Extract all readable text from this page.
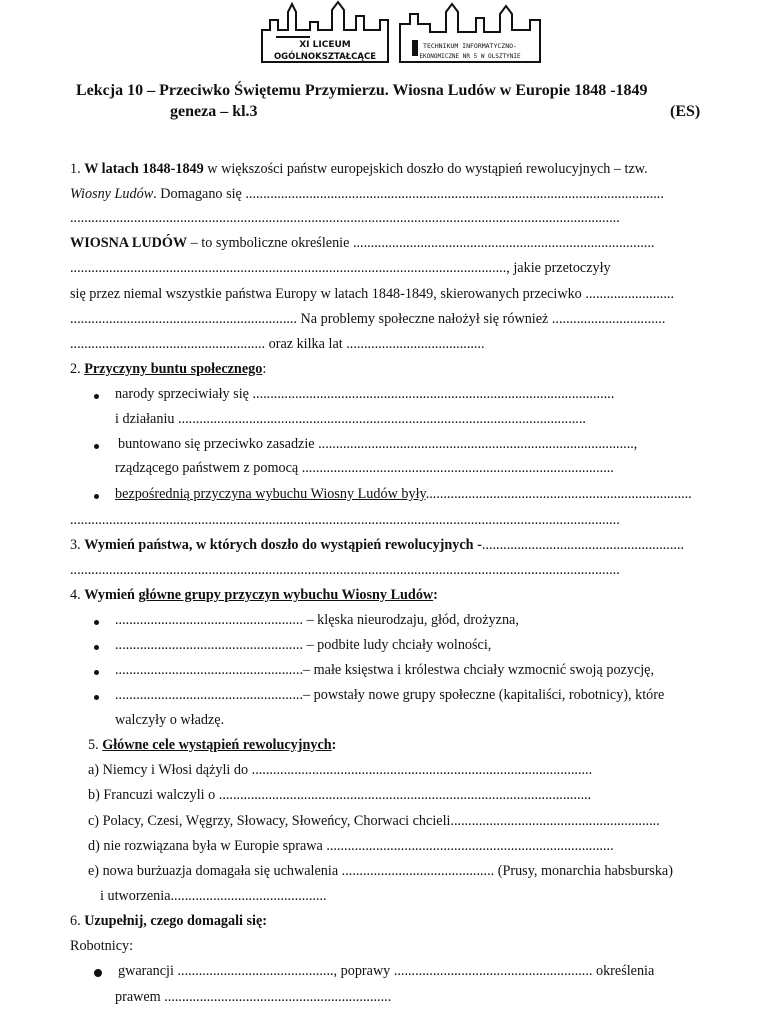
XI LICEUM
OGÓLNOKSZTAŁCĄCE
TECHNIKUM INFORMATYCZNO-
EKONOMICZNE NR 5 W OLSZTYNIE
Lekcja 10 – Przeciwko Świętemu Przymierzu. Wiosna Ludów w Europie 1848 -1849
geneza – kl.3	(ES)
1. W latach 1848-1849 w większości państw europejskich doszło do wystąpień rewolucyjnych – tzw.
Wiosny Ludów. Domagano się ......................................................................................................................
...........................................................................................................................................................
WIOSNA LUDÓW – to symboliczne określenie .....................................................................................
..........................................................................................................................., jakie przetoczyły
się przez niemal wszystkie państwa Europy w latach 1848-1849, skierowanych przeciwko .........................
................................................................ Na problemy społeczne nałożył się również ................................
....................................................... oraz kilka lat .......................................
2. Przyczyny buntu społecznego:
narody sprzeciwiały się ......................................................................................................
i działaniu ...................................................................................................................
buntowano się przeciwko zasadzie .........................................................................................,
rządzącego państwem z pomocą ........................................................................................
bezpośrednią przyczyna wybuchu Wiosny Ludów były...........................................................................
...........................................................................................................................................................
3. Wymień państwa, w których doszło do wystąpień rewolucyjnych -.........................................................
...........................................................................................................................................................
4. Wymień główne grupy przyczyn wybuchu Wiosny Ludów:
..................................................... – klęska nieurodzaju, głód, drożyzna,
..................................................... – podbite ludy chciały wolności,
.....................................................– małe księstwa i królestwa chciały wzmocnić swoją pozycję,
.....................................................– powstały nowe grupy społeczne (kapitaliści, robotnicy), które
walczyły o władzę.
5. Główne cele wystąpień rewolucyjnych:
a) Niemcy i Włosi dążyli do ................................................................................................
b) Francuzi walczyli o .........................................................................................................
c) Polacy, Czesi, Węgrzy, Słowacy, Słoweńcy, Chorwaci chcieli...........................................................
d) nie rozwiązana była w Europie sprawa .................................................................................
e) nowa burżuazja domagała się uchwalenia ........................................... (Prusy, monarchia habsburska)
i utworzenia............................................
6. Uzupełnij, czego domagali się:
Robotnicy:
gwarancji ............................................, poprawy ........................................................ określenia
prawem ................................................................
